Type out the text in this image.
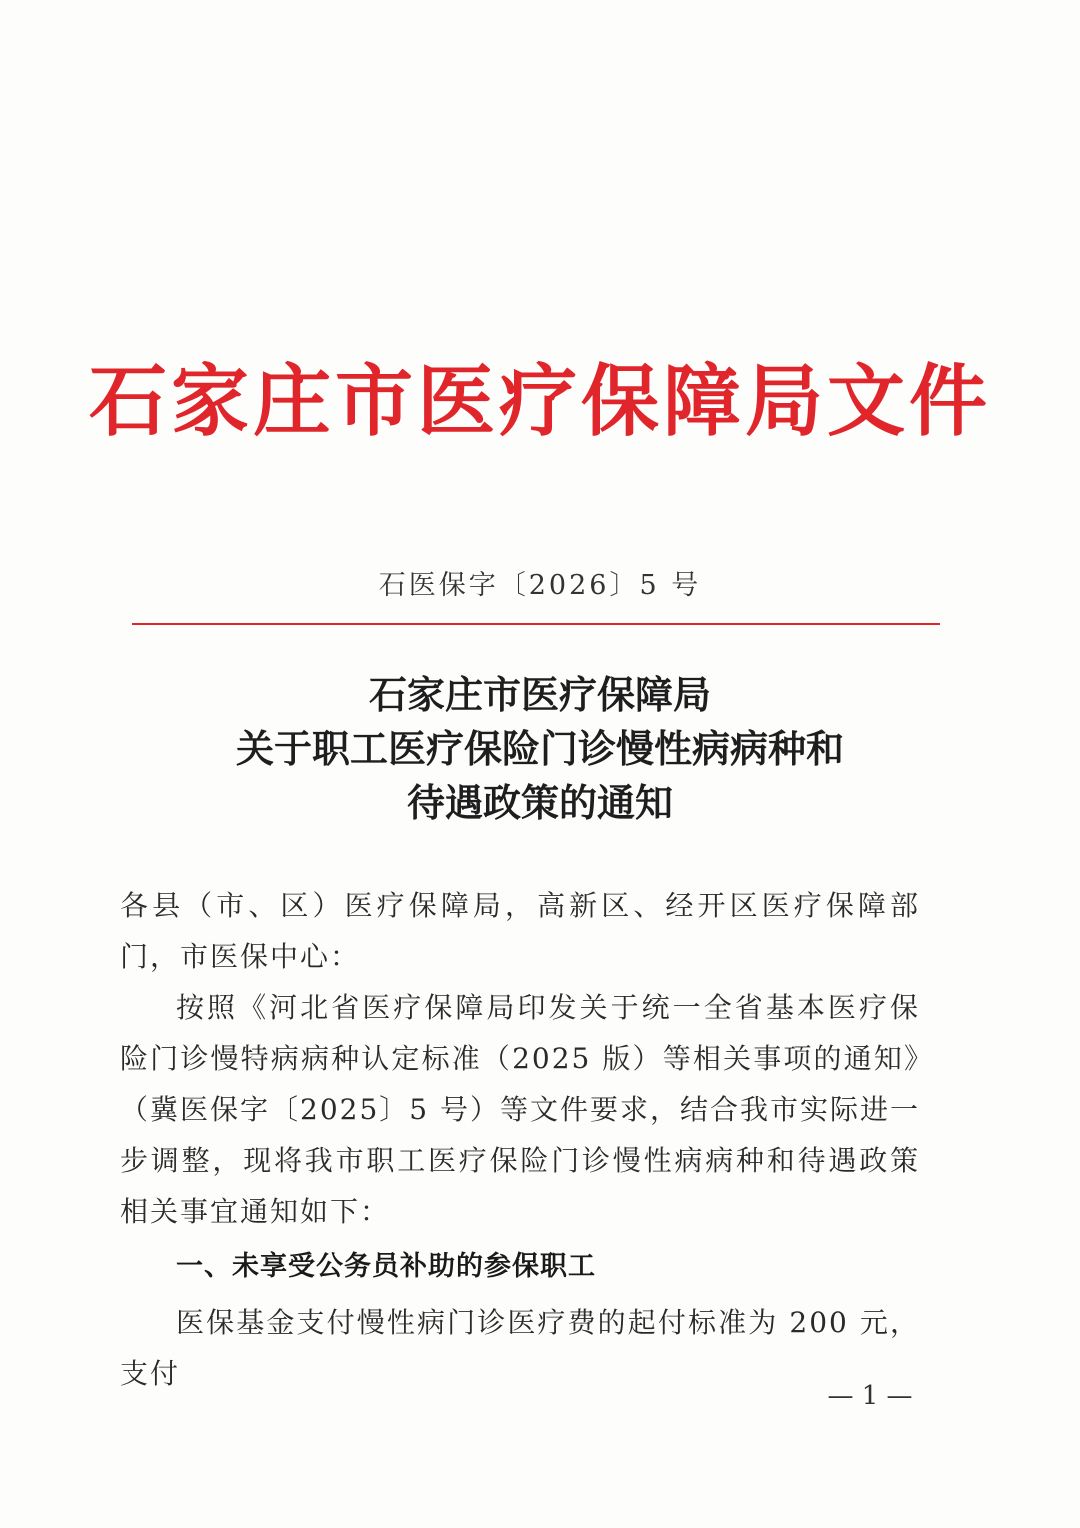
石家庄市医疗保障局文件
石医保字〔2026〕5 号
石家庄市医疗保障局
关于职工医疗保险门诊慢性病病种和
待遇政策的通知

各县（市、区）医疗保障局，高新区、经开区医疗保障部门，市医保中心：

按照《河北省医疗保障局印发关于统一全省基本医疗保险门诊慢特病病种认定标准（2025 版）等相关事项的通知》（冀医保字〔2025〕5 号）等文件要求，结合我市实际进一步调整，现将我市职工医疗保险门诊慢性病病种和待遇政策相关事宜通知如下：

一、未享受公务员补助的参保职工

医保基金支付慢性病门诊医疗费的起付标准为 200 元，支付

— 1 —
